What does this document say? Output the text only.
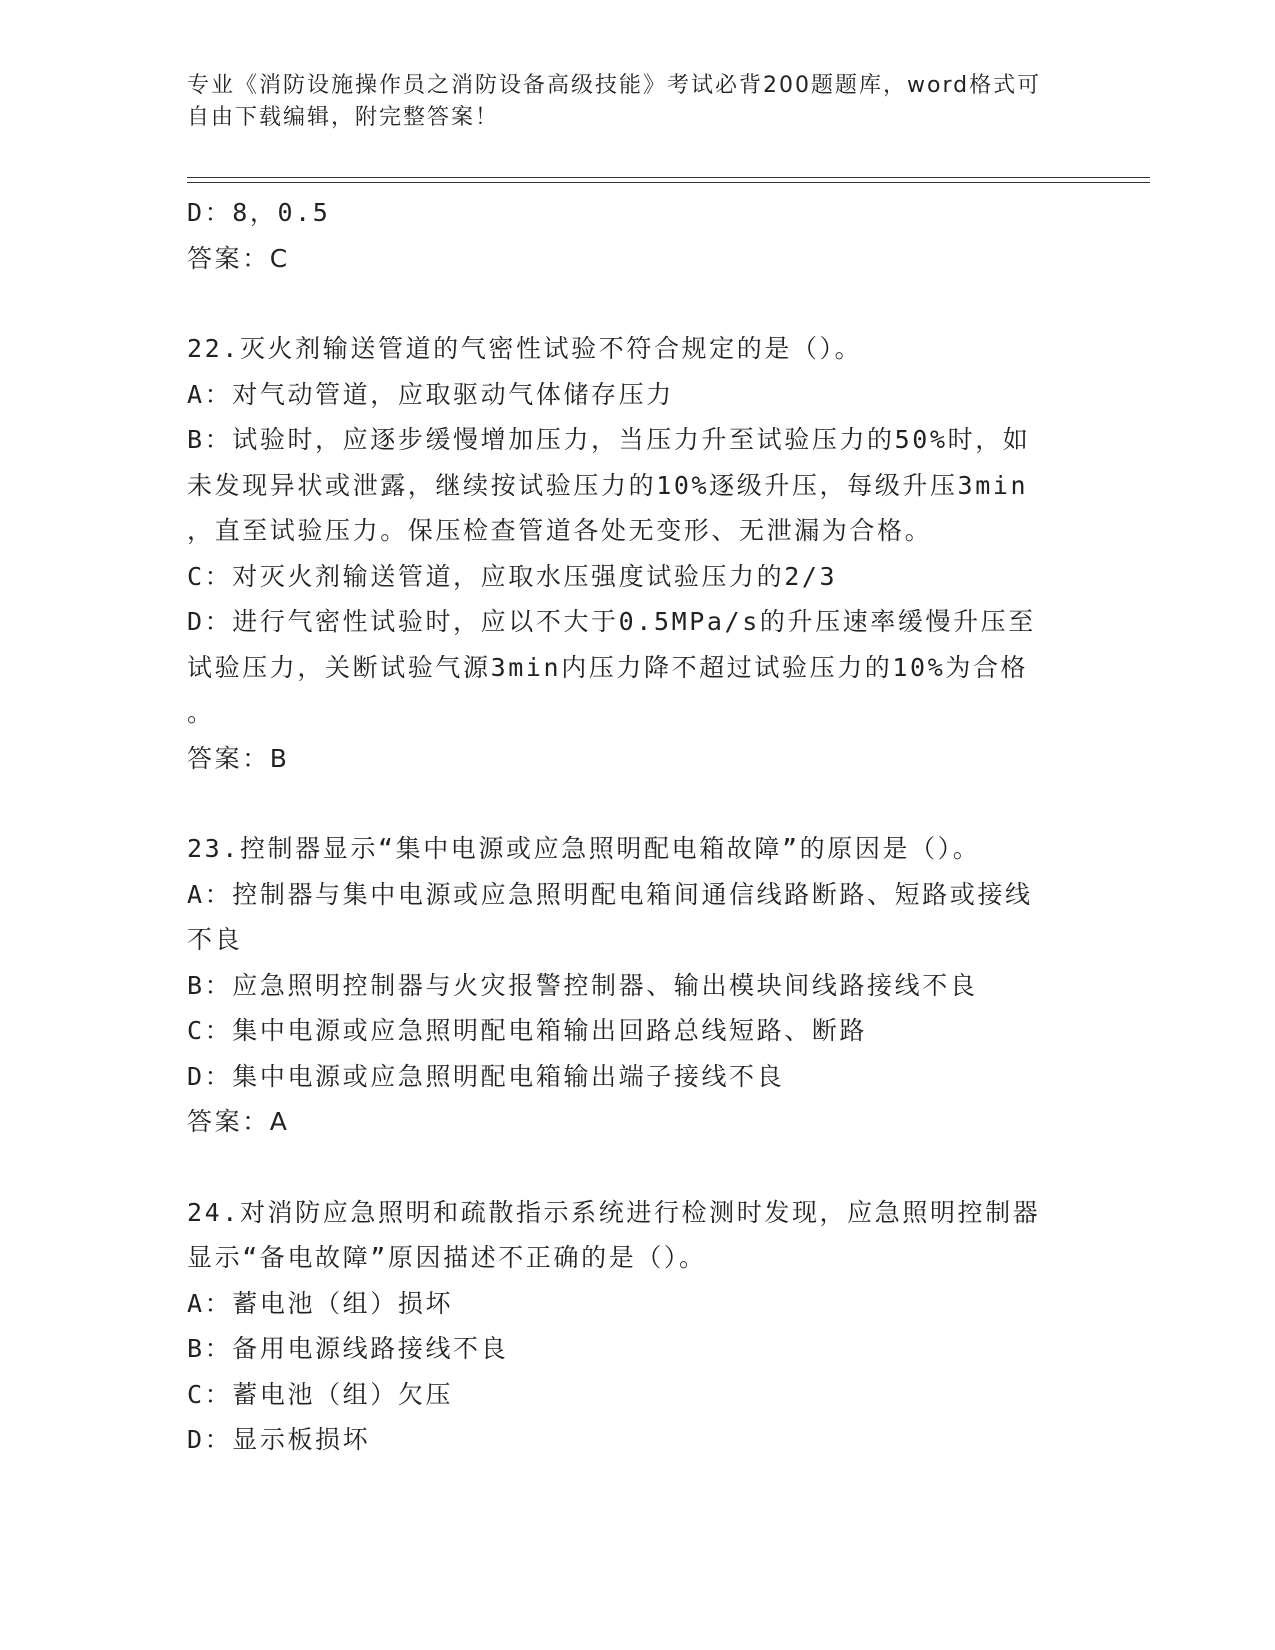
专业《消防设施操作员之消防设备高级技能》考试必背200题题库，word格式可
自由下载编辑，附完整答案！
D：8，0.5
答案：C
22.灭火剂输送管道的气密性试验不符合规定的是（）。
A：对气动管道，应取驱动气体储存压力
B：试验时，应逐步缓慢增加压力，当压力升至试验压力的50%时，如
未发现异状或泄露，继续按试验压力的10%逐级升压，每级升压3min
，直至试验压力。保压检查管道各处无变形、无泄漏为合格。
C：对灭火剂输送管道，应取水压强度试验压力的2/3
D：进行气密性试验时，应以不大于0.5MPa/s的升压速率缓慢升压至
试验压力，关断试验气源3min内压力降不超过试验压力的10%为合格
。
答案：B
23.控制器显示“集中电源或应急照明配电箱故障”的原因是（）。
A：控制器与集中电源或应急照明配电箱间通信线路断路、短路或接线
不良
B：应急照明控制器与火灾报警控制器、输出模块间线路接线不良
C：集中电源或应急照明配电箱输出回路总线短路、断路
D：集中电源或应急照明配电箱输出端子接线不良
答案：A
24.对消防应急照明和疏散指示系统进行检测时发现，应急照明控制器
显示“备电故障”原因描述不正确的是（）。
A：蓄电池（组）损坏
B：备用电源线路接线不良
C：蓄电池（组）欠压
D：显示板损坏
